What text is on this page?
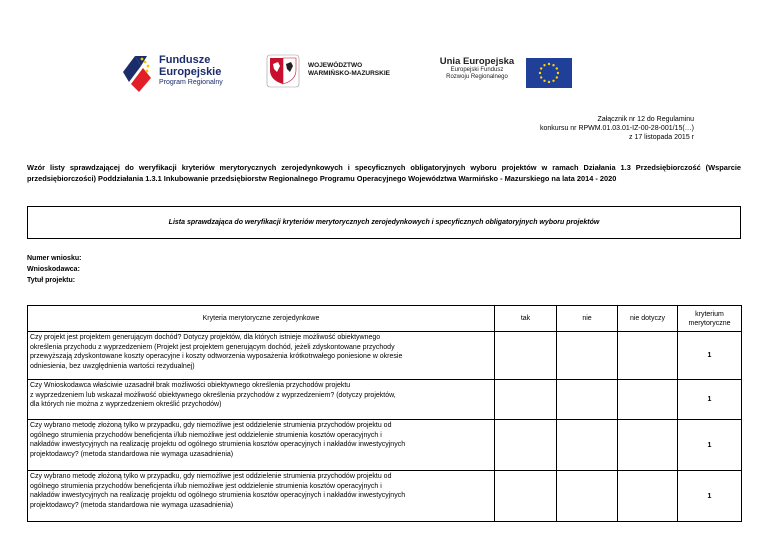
Fundusze
Europejskie
Program Regionalny
WOJEWÓDZTWO
WARMIŃSKO-MAZURSKIE
Unia Europejska
Europejski Fundusz
Rozwoju Regionalnego
Załącznik nr 12 do Regulaminu
konkursu nr RPWM.01.03.01-IZ-00-28-001/15(…)
z 17 listopada 2015 r
Wzór listy sprawdzającej do weryfikacji kryteriów merytorycznych zerojedynkowych i specyficznych obligatoryjnych wyboru projektów w ramach Działania 1.3 Przedsiębiorczość (Wsparcie przedsiębiorczości) Poddziałania 1.3.1 Inkubowanie przedsiębiorstw Regionalnego Programu Operacyjnego Województwa Warmińsko - Mazurskiego na lata 2014 - 2020
Lista sprawdzająca do weryfikacji kryteriów merytorycznych zerojedynkowych i specyficznych obligatoryjnych wyboru projektów
Numer wniosku:
Wnioskodawca:
Tytuł projektu:
Kryteria merytoryczne zerojedynkowe	tak	nie	nie dotyczy	kryterium
merytoryczne

Czy projekt jest projektem generującym dochód? Dotyczy projektów, dla których istnieje możliwość obiektywnego
określenia przychodu z wyprzedzeniem (Projekt jest projektem generującym dochód, jeżeli zdyskontowane przychody
przewyższają zdyskontowane koszty operacyjne i koszty odtworzenia wyposażenia krótkotrwałego poniesione w okresie
odniesienia, bez uwzględnienia wartości rezydualnej)				1

Czy Wnioskodawca właściwie uzasadnił brak możliwości obiektywnego określenia przychodów projektu
z wyprzedzeniem lub wskazał możliwość obiektywnego określenia przychodów z wyprzedzeniem? (dotyczy projektów,
dla których nie można z wyprzedzeniem określić przychodów)				1

Czy wybrano metodę złożoną tylko w przypadku, gdy niemożliwe jest oddzielenie strumienia przychodów projektu od
ogólnego strumienia przychodów beneficjenta i/lub niemożliwe jest oddzielenie strumienia kosztów operacyjnych i
nakładów inwestycyjnych na realizację projektu od ogólnego strumienia kosztów operacyjnych i nakładów inwestycyjnych
projektodawcy? (metoda standardowa nie wymaga uzasadnienia)				1

Czy wybrano metodę złożoną tylko w przypadku, gdy niemożliwe jest oddzielenie strumienia przychodów projektu od
ogólnego strumienia przychodów beneficjenta i/lub niemożliwe jest oddzielenie strumienia kosztów operacyjnych i
nakładów inwestycyjnych na realizację projektu od ogólnego strumienia kosztów operacyjnych i nakładów inwestycyjnych
projektodawcy? (metoda standardowa nie wymaga uzasadnienia)				1
